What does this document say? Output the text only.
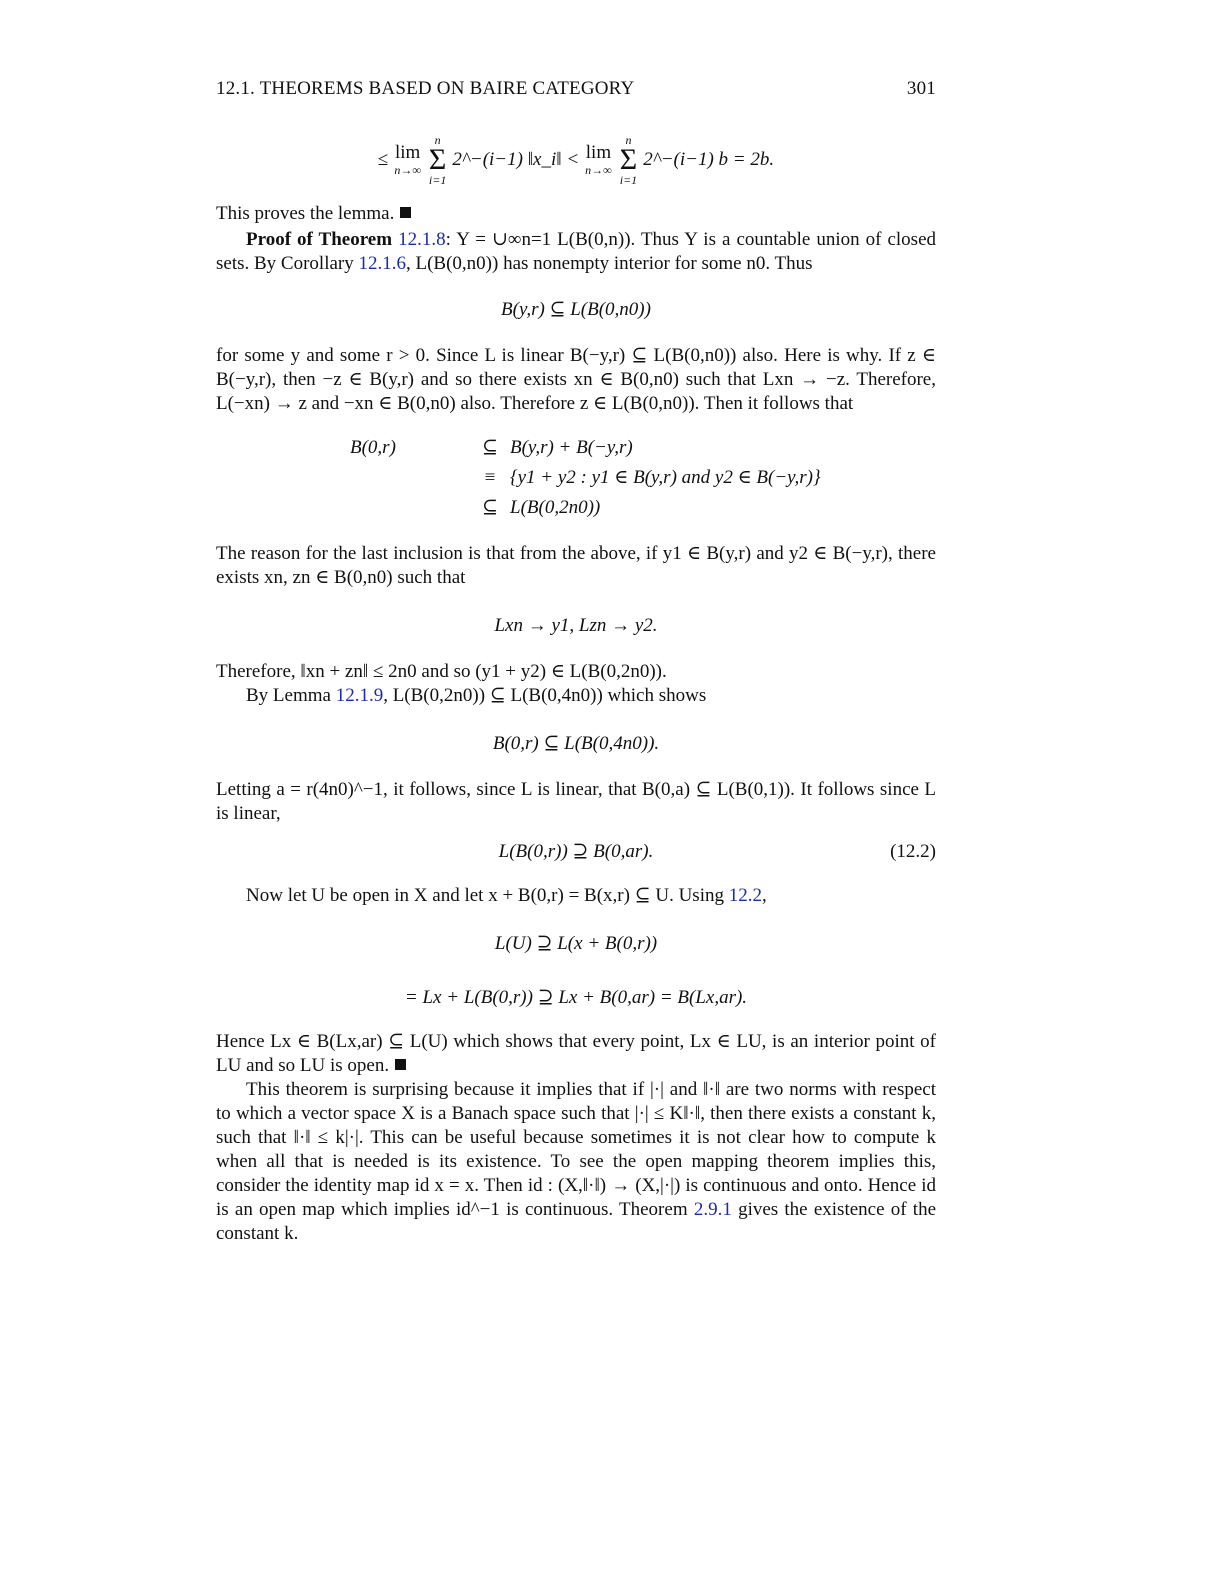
12.1. THEOREMS BASED ON BAIRE CATEGORY	301
≤ lim
n→∞
n
Σ
i=1
2^−(i−1) ‖x_i‖ < lim
n→∞
n
Σ
i=1
2^−(i−1) b = 2b.

This proves the lemma.

Proof of Theorem 12.1.8: Y = ∪∞n=1 L(B(0,n)). Thus Y is a countable union of closed sets. By Corollary 12.1.6, L(B(0,n0)) has nonempty interior for some n0. Thus

B(y,r) ⊆ L(B(0,n0))

for some y and some r > 0. Since L is linear B(−y,r) ⊆ L(B(0,n0)) also. Here is why. If z ∈ B(−y,r), then −z ∈ B(y,r) and so there exists xn ∈ B(0,n0) such that Lxn → −z. Therefore, L(−xn) → z and −xn ∈ B(0,n0) also. Therefore z ∈ L(B(0,n0)). Then it follows that

B(0,r)	⊆ B(y,r) + B(−y,r)
≡ {y1 + y2 : y1 ∈ B(y,r) and y2 ∈ B(−y,r)}
⊆ L(B(0,2n0))

The reason for the last inclusion is that from the above, if y1 ∈ B(y,r) and y2 ∈ B(−y,r), there exists xn, zn ∈ B(0,n0) such that

Lxn → y1, Lzn → y2.

Therefore, ‖xn + zn‖ ≤ 2n0 and so (y1 + y2) ∈ L(B(0,2n0)).

By Lemma 12.1.9, L(B(0,2n0)) ⊆ L(B(0,4n0)) which shows

B(0,r) ⊆ L(B(0,4n0)).

Letting a = r(4n0)^−1, it follows, since L is linear, that B(0,a) ⊆ L(B(0,1)). It follows since L is linear,

L(B(0,r)) ⊇ B(0,ar).	(12.2)

Now let U be open in X and let x + B(0,r) = B(x,r) ⊆ U. Using 12.2,

L(U) ⊇ L(x + B(0,r))

= Lx + L(B(0,r)) ⊇ Lx + B(0,ar) = B(Lx,ar).

Hence Lx ∈ B(Lx,ar) ⊆ L(U) which shows that every point, Lx ∈ LU, is an interior point of LU and so LU is open.

This theorem is surprising because it implies that if |·| and ‖·‖ are two norms with respect to which a vector space X is a Banach space such that |·| ≤ K‖·‖, then there exists a constant k, such that ‖·‖ ≤ k|·|. This can be useful because sometimes it is not clear how to compute k when all that is needed is its existence. To see the open mapping theorem implies this, consider the identity map id x = x. Then id : (X,‖·‖) → (X,|·|) is continuous and onto. Hence id is an open map which implies id^−1 is continuous. Theorem 2.9.1 gives the existence of the constant k.
